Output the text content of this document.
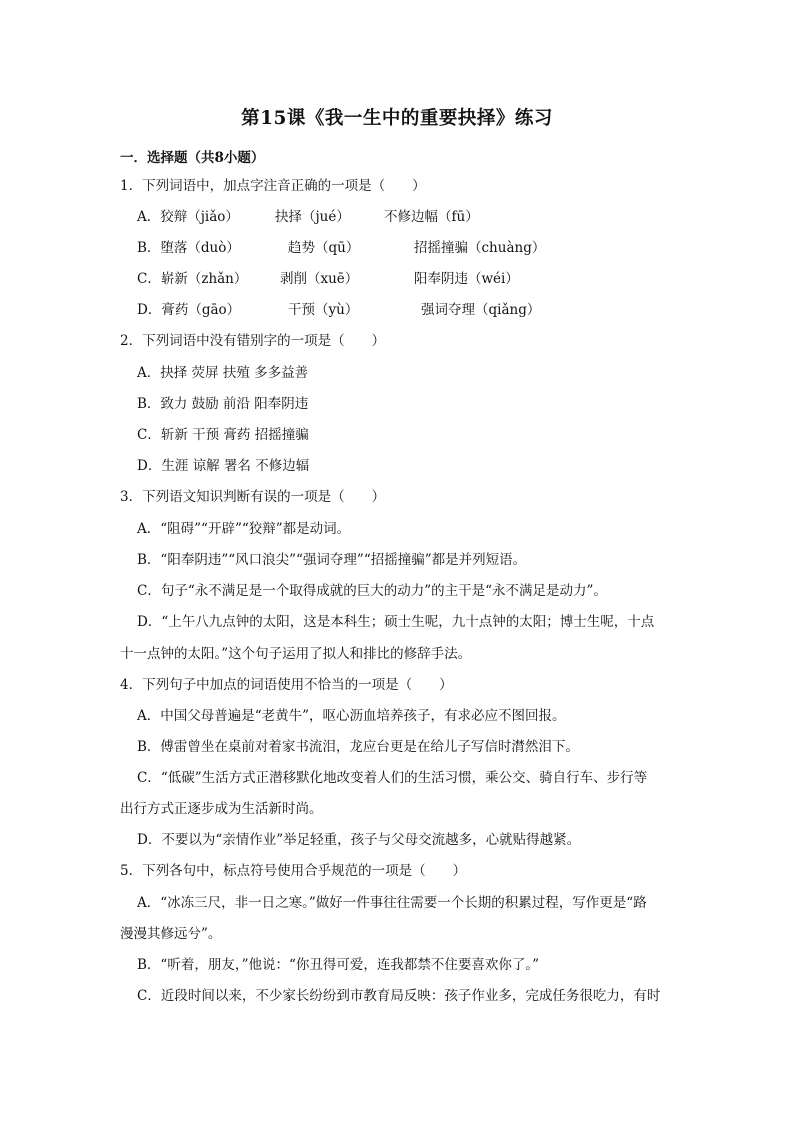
第15课《我一生中的重要抉择》练习
一．选择题（共8小题）
1．下列词语中，加点字注音正确的一项是（　　）
A．狡辩（jiǎo）	抉择（jué）	不修边幅（fū）
B．堕落（duò）	趋势（qū）	招摇撞骗（chuàng）
C．崭新（zhǎn） 剥削（xuē）	阳奉阴违（wéi）
D．膏药（gāo）	干预（yù）	强词夺理（qiǎng）
2．下列词语中没有错别字的一项是（　　）
A．抉择 荧屏 扶殖 多多益善
B．致力 鼓励 前沿 阳奉阴违
C．斩新 干预 膏药 招摇撞骗
D．生涯 谅解 署名 不修边辐
3．下列语文知识判断有误的一项是（　　）
A．“阻碍”“开辟”“狡辩”都是动词。
B．“阳奉阴违”“风口浪尖”“强词夺理”“招摇撞骗”都是并列短语。
C．句子“永不满足是一个取得成就的巨大的动力”的主干是“永不满足是动力”。
D．“上午八九点钟的太阳，这是本科生；硕士生呢，九十点钟的太阳；博士生呢，十点
十一点钟的太阳。”这个句子运用了拟人和排比的修辞手法。
4．下列句子中加点的词语使用不恰当的一项是（　　）
A．中国父母普遍是“老黄牛”，呕心沥血培养孩子，有求必应不图回报。
B．傅雷曾坐在桌前对着家书流泪，龙应台更是在给儿子写信时潸然泪下。
C．“低碳”生活方式正潜移默化地改变着人们的生活习惯，乘公交、骑自行车、步行等
出行方式正逐步成为生活新时尚。
D．不要以为“亲情作业”举足轻重，孩子与父母交流越多，心就贴得越紧。
5．下列各句中，标点符号使用合乎规范的一项是（　　）
A．“冰冻三尺，非一日之寒。”做好一件事往往需要一个长期的积累过程，写作更是“路
漫漫其修远兮”。
B．“听着，朋友，”他说：“你丑得可爱，连我都禁不住要喜欢你了。”
C．近段时间以来，不少家长纷纷到市教育局反映：孩子作业多，完成任务很吃力，有时
